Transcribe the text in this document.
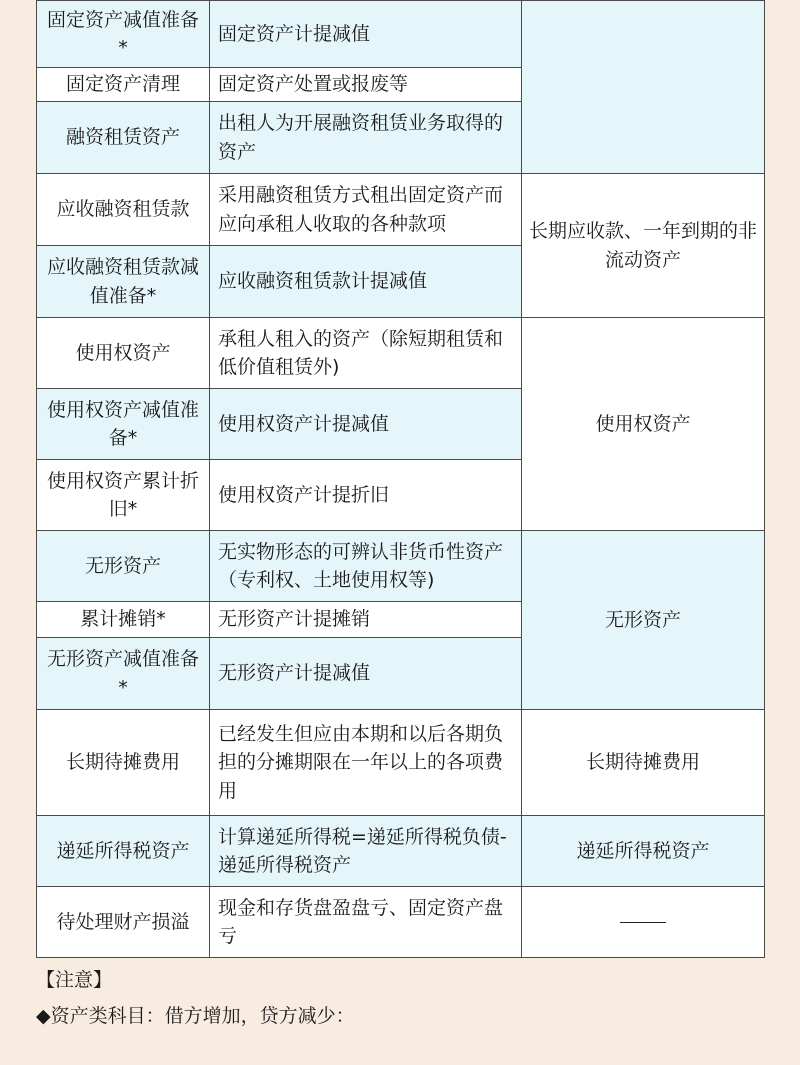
固定资产减值准备*	固定资产计提减值	
固定资产清理	固定资产处置或报废等	
融资租赁资产	出租人为开展融资租赁业务取得的资产	
应收融资租赁款	采用融资租赁方式租出固定资产而应向承租人收取的各种款项	长期应收款、一年到期的非流动资产
应收融资租赁款减值准备*	应收融资租赁款计提减值	
使用权资产	承租人租入的资产（除短期租赁和低价值租赁外)	使用权资产
使用权资产减值准备*	使用权资产计提减值	
使用权资产累计折旧*	使用权资产计提折旧	
无形资产	无实物形态的可辨认非货币性资产（专利权、土地使用权等)	无形资产
累计摊销*	无形资产计提摊销	
无形资产减值准备*	无形资产计提减值	
长期待摊费用	已经发生但应由本期和以后各期负担的分摊期限在一年以上的各项费用	长期待摊费用
递延所得税资产	计算递延所得税=递延所得税负债-递延所得税资产	递延所得税资产
待处理财产损溢	现金和存货盘盈盘亏、固定资产盘亏	
【注意】
◆资产类科目：借方增加，贷方减少：
